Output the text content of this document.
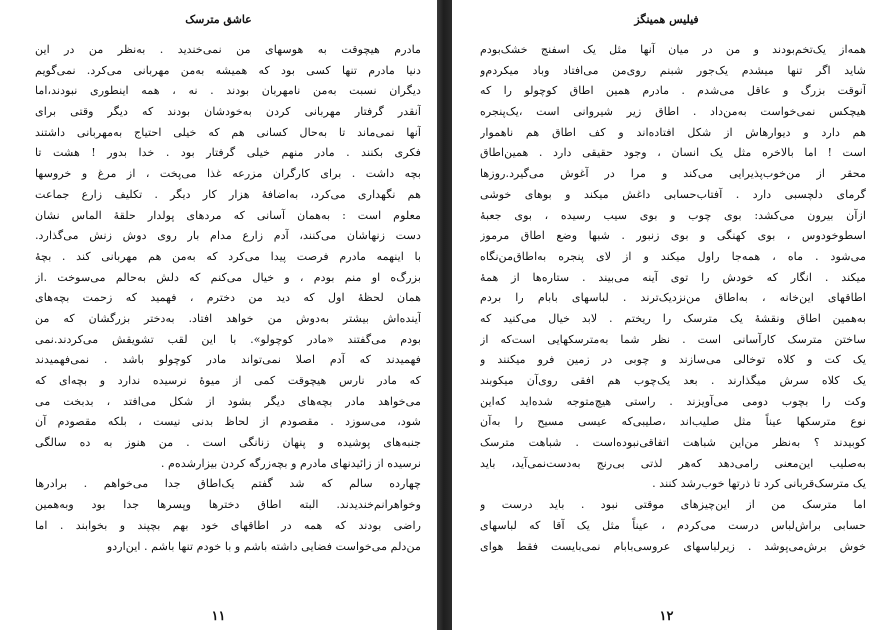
عاشق مترسک
مادرم هیچوقت به هوسهای من نمی‌خندید . به‌نظر من در این
دنیا مادرم تنها کسی بود که همیشه به‌من مهربانی می‌کرد. نمی‌گویم
دیگران نسبت به‌من نامهربان بودند . نه ، همه اینطوری نبودند،اما
آنقدر گرفتار مهربانی کردن به‌خودشان بودند که دیگر وقتی برای
آنها نمی‌ماند تا به‌حال کسانی هم که خیلی احتیاج به‌مهربانی داشتند
فکری بکنند . مادر منهم خیلی گرفتار بود . خدا بدور ! هشت تا
بچه داشت . برای کارگران مزرعه غذا می‌پخت ، از مرغ و خروسها
هم نگهداری می‌کرد، به‌اضافهٔ هزار کار دیگر . تکلیف زارع جماعت
معلوم است : به‌همان آسانی که مردهای پولدار حلقهٔ الماس نشان
دست زنهاشان می‌کنند، آدم زارع مدام بار روی دوش زنش می‌گذارد.
با اینهمه مادرم فرصت پیدا می‌کرد که به‌من هم مهربانی کند . بچهٔ
بزرگ‌ه او منم بودم ، و خیال می‌کنم که دلش به‌حالم می‌سوخت .از
همان لحظهٔ اول که دید من دخترم ، فهمید که زحمت بچه‌های
آینده‌اش بیشتر به‌دوش من خواهد افتاد. به‌دختر بزرگشان که من
بودم می‌گفتند «مادر کوچولو». با این لقب تشویقش می‌کردند.نمی‌
فهمیدند که آدم اصلا نمی‌تواند مادر کوچولو باشد . نمی‌فهمیدند
که مادر نارس هیچوقت کمی از میوهٔ نرسیده ندارد و بچه‌ای که
می‌خواهد مادر بچه‌های دیگر بشود از شکل می‌افتد ، بدبخت می‌
شود، می‌سوزد . مقصودم از لحاظ بدنی نیست ، بلکه مقصودم آن
جنبه‌های پوشیده و پنهان زنانگی است . من هنوز به ده سالگی
نرسیده از زائیدنهای مادرم و بچه‌زرگه کردن بیزارشده‌م .
چهارده سالم که شد گفتم یک‌اطاق جدا می‌خواهم . برادرها
وخواهرانم‌خندیدند. البته اطاق دخترها وپسرها جدا بود وبه‌همین
راضی بودند که همه در اطاقهای خود بهم بچپند و بخوابند . اما
من‌دلم می‌خواست فضایی داشته باشم و با خودم تنها باشم . این‌اردو
۱۱
فیلیس همینگز
همه‌از یک‌تخم‌بودند و من در میان آنها مثل یک اسفنج خشک‌بودم
شاید اگر تنها میشدم یک‌جور شبنم روی‌من می‌افتاد وباد میکردم‌و
آنوقت بزرگ و عاقل می‌شدم . مادرم همین اطاق کوچولو را که
هیچکس نمی‌خواست به‌من‌داد . اطاق زیر شیروانی است ،یک‌پنجره
هم دارد و دیوارهاش از شکل افتاده‌اند و کف اطاق هم ناهموار
است ! اما بالاخره مثل یک انسان ، وجود حقیقی دارد . همین‌اطاق
محقر از من‌خوب‌پذیرایی می‌کند و مرا در آغوش می‌گیرد.روزها
گرمای دلچسبی دارد . آفتاب‌حسابی داغش میکند و بوهای خوشی
ازآن بیرون می‌کشد: بوی چوب و بوی سیب رسیده ، بوی جعبهٔ
اسطوخودوس ، بوی کهنگی و بوی زنبور . شبها وضع اطاق مرموز
می‌شود . ماه ، همه‌جا راول میکند و از لای پنجره به‌اطاق‌من‌نگاه
میکند . انگار که خودش را توی آینه می‌بیند . ستاره‌ها از همهٔ
اطاقهای این‌خانه ، به‌اطاق من‌نزدیک‌ترند . لباسهای بابام را بردم
به‌همین اطاق ونقشهٔ یک مترسک را ریختم . لابد خیال می‌کنید که
ساختن مترسک کارآسانی است . نظر شما به‌مترسکهایی است‌که از
یک کت و کلاه توخالی می‌سازند و چوبی در زمین فرو میکنند و
یک کلاه سرش میگذارند . بعد یک‌چوب هم افقی روی‌آن میکوبند
وکت را بچوب دومی می‌آویزند . راستی هیچ‌متوجه شده‌اید که‌این
نوع مترسکها عیناً مثل صلیب‌اند ،صلیبی‌که عیسی مسیح را به‌آن
کوبیدند ؟ به‌نظر من‌این شباهت اتفاقی‌نبوده‌است . شباهت مترسک
به‌صلیب این‌معنی رامی‌دهد که‌هر لذتی بی‌رنج به‌دست‌نمی‌آید، باید
یک مترسک‌قربانی کرد تا ذرتها خوب‌رشد کنند .
اما مترسک من از این‌چیزهای موقتی نبود . باید درست و
حسابی براش‌لباس درست می‌کردم ، عیناً مثل یک آقا که لباسهای
خوش برش‌می‌پوشد . زیرلباسهای عروسی‌بابام نمی‌بایست فقط هوای
۱۲
